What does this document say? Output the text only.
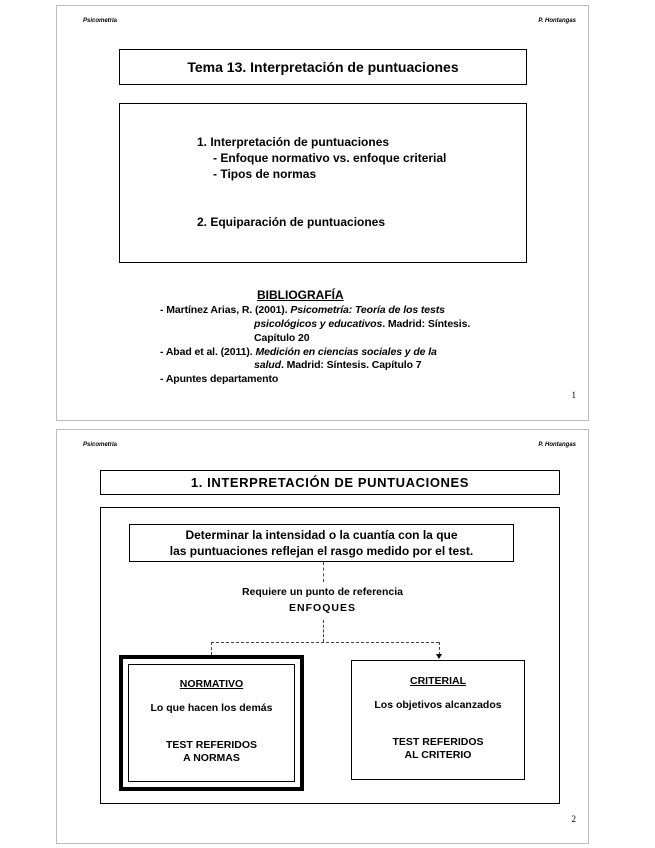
Psicometría	P. Hontangas
Tema 13. Interpretación de puntuaciones
1. Interpretación de puntuaciones
- Enfoque normativo vs. enfoque criterial
- Tipos de normas
2. Equiparación de puntuaciones
BIBLIOGRAFÍA
- Martínez Arias, R. (2001). Psicometría: Teoría de los tests
psicológicos y educativos. Madrid: Síntesis.
Capítulo 20
- Abad et al. (2011). Medición en ciencias sociales y de la
salud. Madrid: Síntesis. Capítulo 7
- Apuntes departamento
1
Psicometría	P. Hontangas
1. INTERPRETACIÓN DE PUNTUACIONES
Determinar la intensidad o la cuantía con la que
las puntuaciones reflejan el rasgo medido por el test.
Requiere un punto de referencia
ENFOQUES
NORMATIVO
Lo que hacen los demás
TEST REFERIDOS
A NORMAS
CRITERIAL
Los objetivos alcanzados
TEST REFERIDOS
AL CRITERIO
2
